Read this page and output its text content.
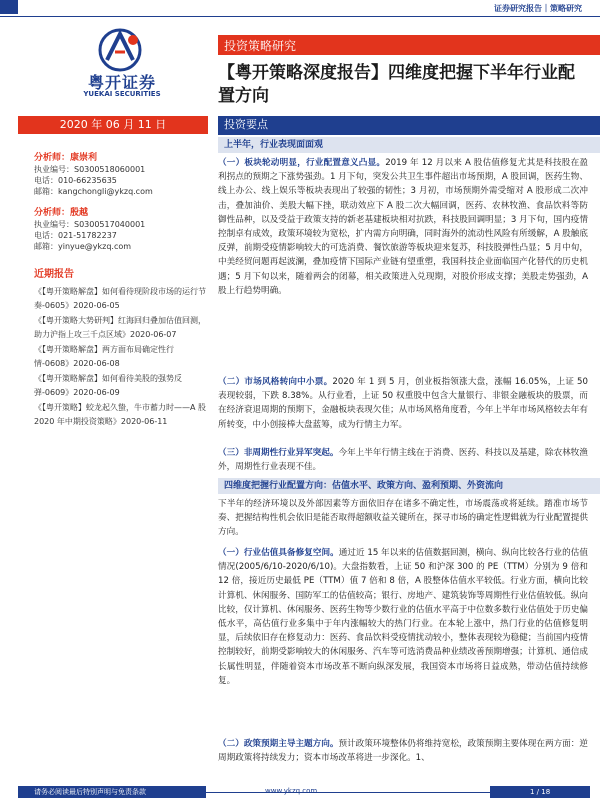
证券研究报告｜策略研究
粤开证券
YUEKAI SECURITIES
投资策略研究
【粤开策略深度报告】四维度把握下半年行业配置方向
2020 年 06 月 11 日	投资要点
分析师：康崇利
执业编号：S0300518060001
电话：010-66235635
邮箱：kangchongli@ykzq.com
分析师：殷越
执业编号：S0300517040001
电话：021-51782237
邮箱：yinyue@ykzq.com
近期报告
《【粤开策略解盘】如何看待现阶段市场的运行节奏-0605》2020-06-05
《【粤开策略大势研判】红海回归叠加估值回测，助力沪指上攻三千点区域》2020-06-07
《【粤开策略解盘】两方面布局确定性行情-0608》2020-06-08
《【粤开策略解盘】如何看待美股的强势反弹-0609》2020-06-09
《【粤开策略】蛟龙起久蛰，牛市蓄力时——A 股 2020 年中期投资策略》2020-06-11
上半年，行业表现面面观
（一）板块轮动明显，行业配置意义凸显。2019 年 12 月以来 A 股估值修复尤其是科技股在盈利拐点的预期之下涨势强劲。1 月下旬，突发公共卫生事件超出市场预期，A 股回调，医药生物、线上办公、线上娱乐等板块表现出了较强的韧性；3 月初，市场预期外需受缩对 A 股形成二次冲击，叠加油价、美股大幅下挫，联动效应下 A 股二次大幅回调，医药、农林牧渔、食品饮料等防御性品种，以及受益于政策支持的新老基建板块相对抗跌，科技股回调明显；3 月下旬，国内疫情控制卓有成效，政策环境较为宽松，扩内需方向明确，同时海外的流动性风险有所缓解，A 股触底反弹，前期受疫情影响较大的可选消费、餐饮旅游等板块迎来复苏，科技股弹性凸显；5 月中旬，中美经贸问题再起波澜，叠加疫情下国际产业链有望重塑，我国科技企业面临国产化替代的历史机遇；5 月下旬以来，随着两会的闭幕，相关政策进入兑现期，对股价形成支撑；美股走势强劲，A 股上行趋势明确。
（二）市场风格转向中小票。2020 年 1 到 5 月，创业板指领涨大盘，涨幅 16.05%，上证 50 表现较弱，下跌 8.38%。从行业看，上证 50 权重股中包含大量银行、非银金融板块的股票，而在经济衰退周期的预期下，金融板块表现欠佳；从市场风格角度看，今年上半年市场风格较去年有所转变，中小创接棒大盘蓝筹，成为行情主力军。
（三）非周期性行业异军突起。今年上半年行情主线在于消费、医药、科技以及基建，除农林牧渔外，周期性行业表现不佳。
四维度把握行业配置方向：估值水平、政策方向、盈利预期、外资流向
下半年的经济环境以及外部因素等方面依旧存在诸多不确定性，市场震荡或将延续。踏准市场节奏、把握结构性机会依旧是能否取得超额收益关键所在，探寻市场的确定性逻辑就为行业配置提供方向。
（一）行业估值具备修复空间。通过近 15 年以来的估值数据回测，横向、纵向比较各行业的估值情况(2005/6/10-2020/6/10)。大盘指数看，上证 50 和沪深 300 的 PE（TTM）分别为 9 倍和 12 倍，接近历史最低 PE（TTM）值 7 倍和 8 倍，A 股整体估值水平较低。行业方面，横向比较计算机、休闲服务、国防军工的估值较高；银行、房地产、建筑装饰等周期性行业估值较低。纵向比较，仅计算机、休闲服务、医药生物等少数行业的估值水平高于中位数多数行业估值处于历史偏低水平，高估值行业多集中于年内涨幅较大的热门行业。在本轮上涨中，热门行业的估值修复明显，后续依旧存在修复动力：医药、食品饮料受疫情扰动较小，整体表现较为稳健；当前国内疫情控制较好，前期受影响较大的休闲服务、汽车等可选消费品种业绩改善预期增强；计算机、通信成长属性明显，伴随着资本市场改革不断向纵深发展，我国资本市场将日益成熟，带动估值持续修复。
（二）政策预期主导主题方向。预计政策环境整体仍将维持宽松，政策预期主要体现在两方面：逆周期政策将持续发力；资本市场改革将进一步深化。1、
请务必阅读最后特别声明与免责条款	www.ykzq.com	1 / 18
